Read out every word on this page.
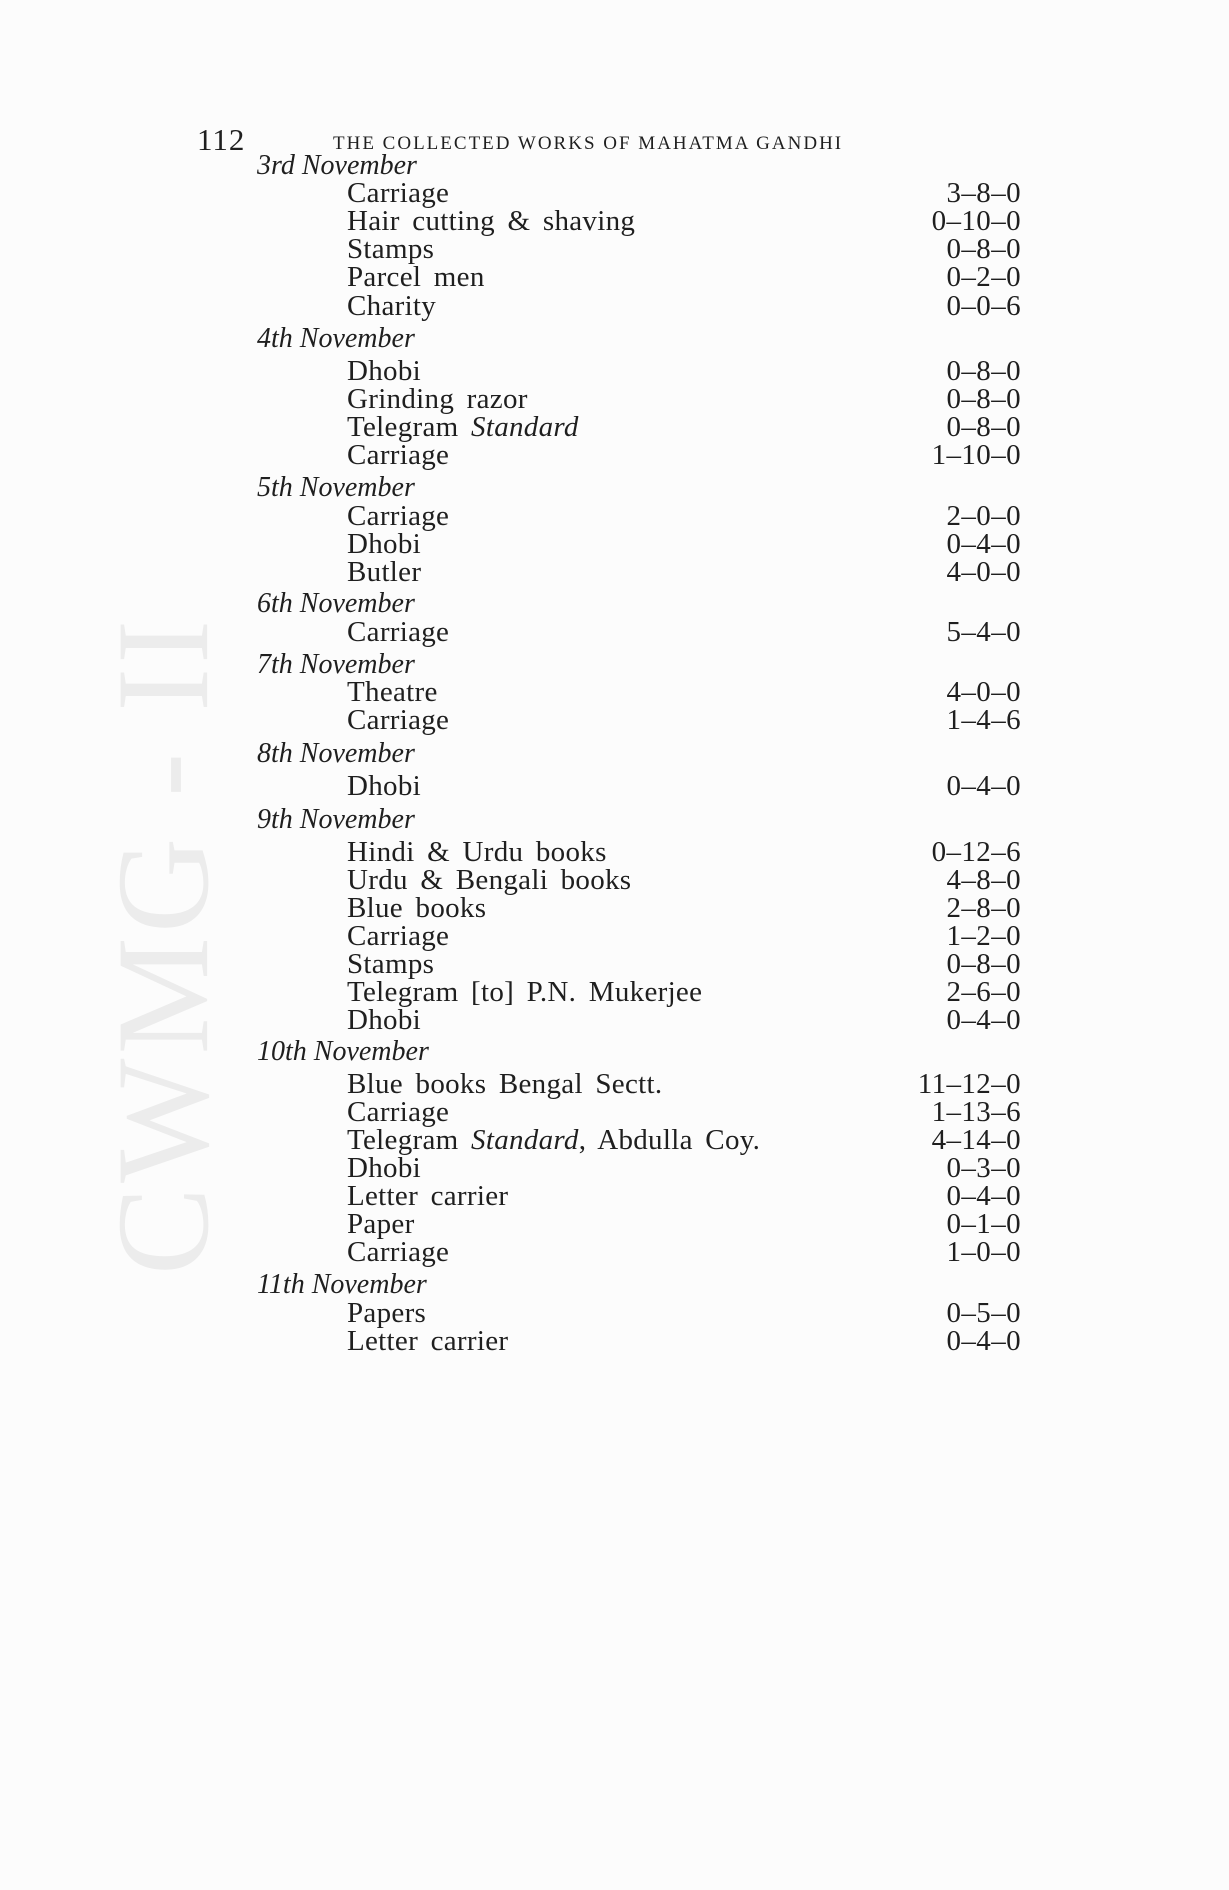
CWMG - II
112	THE COLLECTED WORKS OF MAHATMA GANDHI
3rd November
Carriage	3–8–0
Hair cutting & shaving	0–10–0
Stamps	0–8–0
Parcel men	0–2–0
Charity	0–0–6
4th November
Dhobi	0–8–0
Grinding razor	0–8–0
Telegram Standard	0–8–0
Carriage	1–10–0
5th November
Carriage	2–0–0
Dhobi	0–4–0
Butler	4–0–0
6th November
Carriage	5–4–0
7th November
Theatre	4–0–0
Carriage	1–4–6
8th November
Dhobi	0–4–0
9th November
Hindi & Urdu books	0–12–6
Urdu & Bengali books	4–8–0
Blue books	2–8–0
Carriage	1–2–0
Stamps	0–8–0
Telegram [to] P.N. Mukerjee	2–6–0
Dhobi	0–4–0
10th November
Blue books Bengal Sectt.	11–12–0
Carriage	1–13–6
Telegram Standard, Abdulla Coy.	4–14–0
Dhobi	0–3–0
Letter carrier	0–4–0
Paper	0–1–0
Carriage	1–0–0
11th November
Papers	0–5–0
Letter carrier	0–4–0
